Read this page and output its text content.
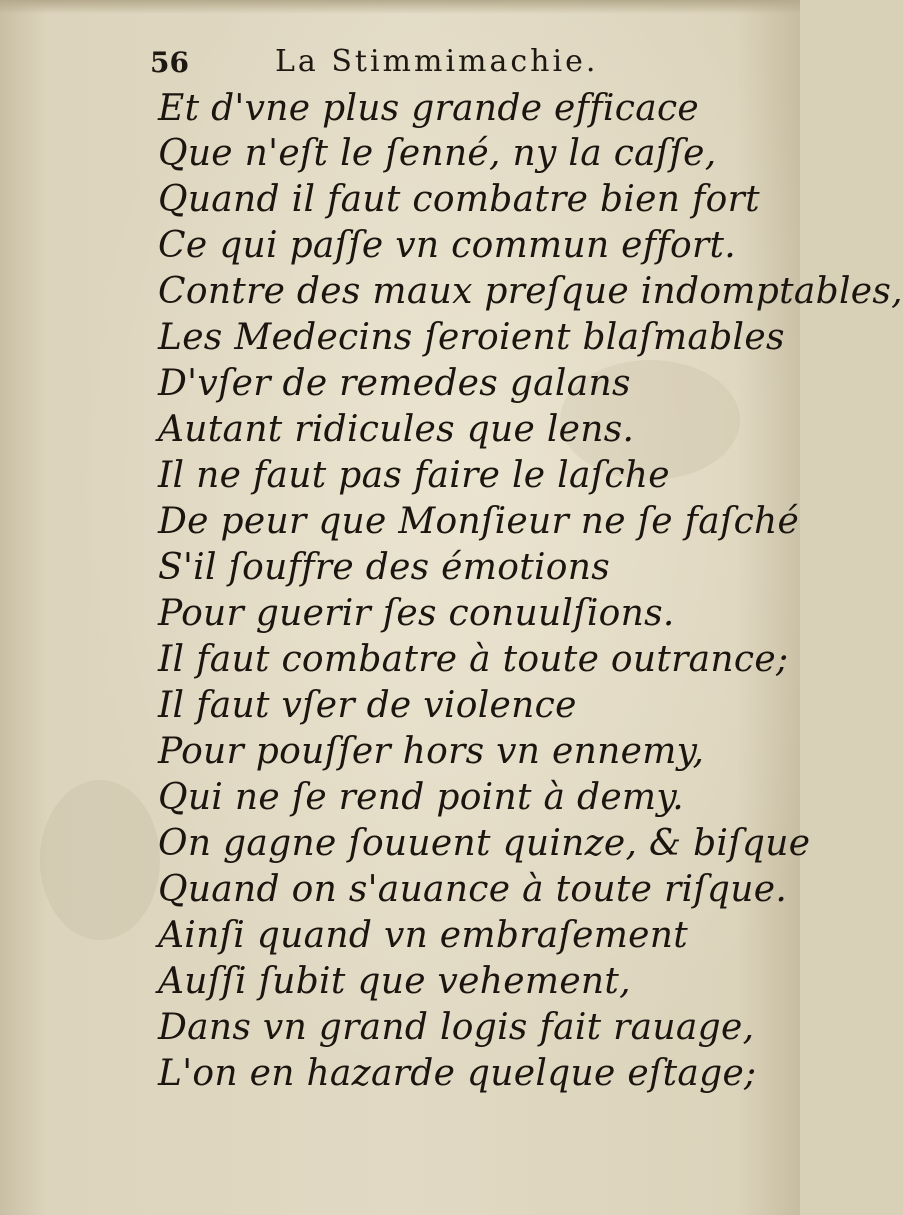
56	La Stimmimachie.
Et d'vne plus grande efficace
Que n'eſt le ſenné, ny la caſſe,
Quand il faut combatre bien fort
Ce qui paſſe vn commun effort.
Contre des maux preſque indomptables,
Les Medecins ſeroient blaſmables
D'vſer de remedes galans
Autant ridicules que lens.
Il ne faut pas faire le laſche
De peur que Monſieur ne ſe faſché
S'il ſouffre des émotions
Pour guerir ſes conuulſions.
Il faut combatre à toute outrance;
Il faut vſer de violence
Pour pouſſer hors vn ennemy,
Qui ne ſe rend point à demy.
On gagne ſouuent quinze, & biſque
Quand on s'auance à toute riſque.
Ainſi quand vn embraſement
Auſſi ſubit que vehement,
Dans vn grand logis fait rauage,
L'on en hazarde quelque eſtage;
